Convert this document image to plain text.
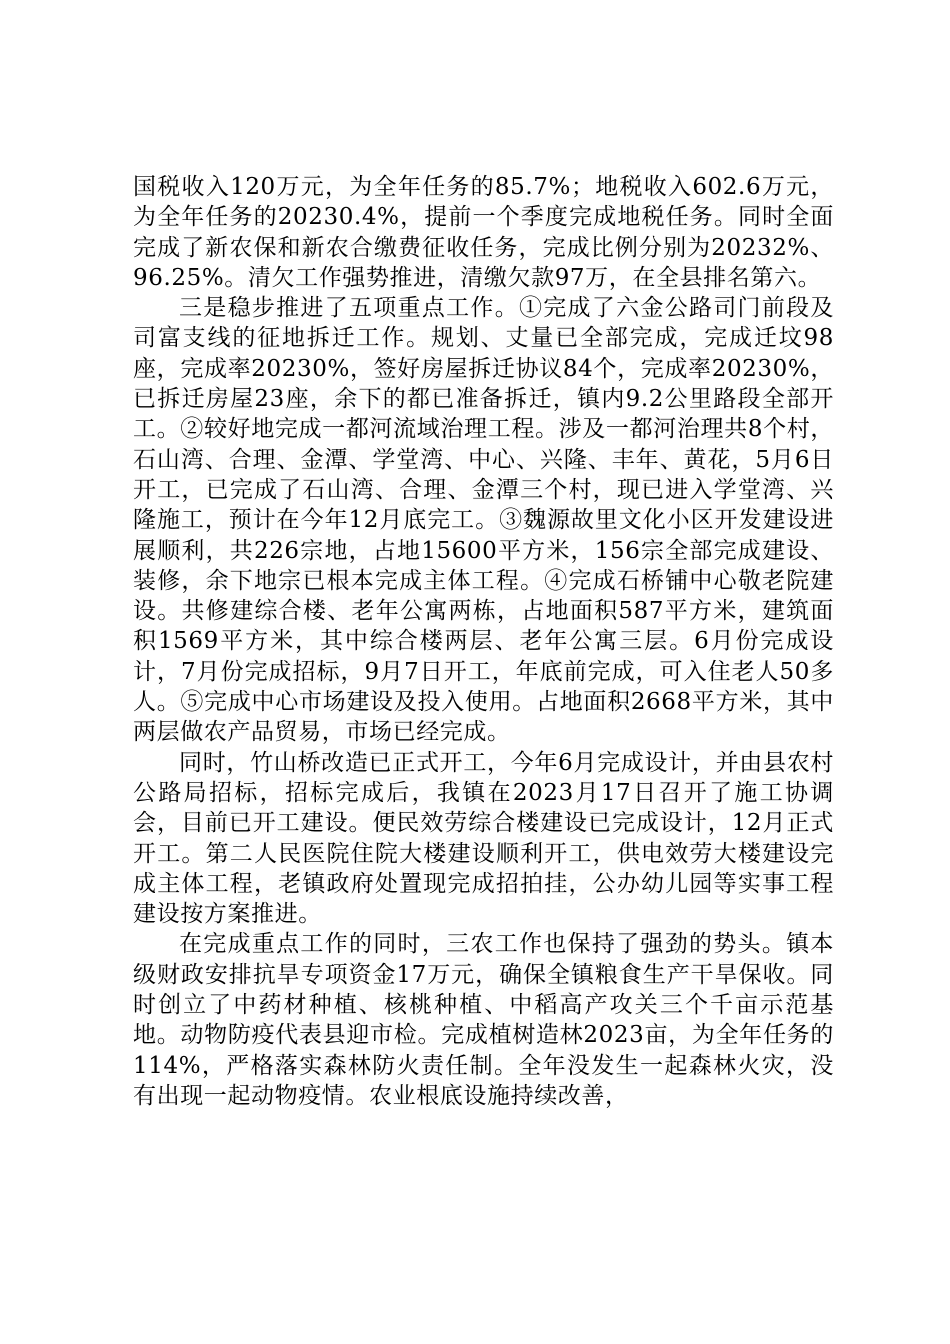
国税收入120万元，为全年任务的85.7%；地税收入602.6万元，为全年任务的20230.4%，提前一个季度完成地税任务。同时全面完成了新农保和新农合缴费征收任务，完成比例分别为20232%、96.25%。清欠工作强势推进，清缴欠款97万，在全县排名第六。

三是稳步推进了五项重点工作。①完成了六金公路司门前段及司富支线的征地拆迁工作。规划、丈量已全部完成，完成迁坟98座，完成率20230%，签好房屋拆迁协议84个，完成率20230%，已拆迁房屋23座，余下的都已准备拆迁，镇内9.2公里路段全部开工。②较好地完成一都河流域治理工程。涉及一都河治理共8个村，石山湾、合理、金潭、学堂湾、中心、兴隆、丰年、黄花，5月6日开工，已完成了石山湾、合理、金潭三个村，现已进入学堂湾、兴隆施工，预计在今年12月底完工。③魏源故里文化小区开发建设进展顺利，共226宗地，占地15600平方米，156宗全部完成建设、装修，余下地宗已根本完成主体工程。④完成石桥铺中心敬老院建设。共修建综合楼、老年公寓两栋，占地面积587平方米，建筑面积1569平方米，其中综合楼两层、老年公寓三层。6月份完成设计，7月份完成招标，9月7日开工，年底前完成，可入住老人50多人。⑤完成中心市场建设及投入使用。占地面积2668平方米，其中两层做农产品贸易，市场已经完成。

同时，竹山桥改造已正式开工，今年6月完成设计，并由县农村公路局招标，招标完成后，我镇在2023月17日召开了施工协调会，目前已开工建设。便民效劳综合楼建设已完成设计，12月正式开工。第二人民医院住院大楼建设顺利开工，供电效劳大楼建设完成主体工程，老镇政府处置现完成招拍挂，公办幼儿园等实事工程建设按方案推进。

在完成重点工作的同时，三农工作也保持了强劲的势头。镇本级财政安排抗旱专项资金17万元，确保全镇粮食生产干旱保收。同时创立了中药材种植、核桃种植、中稻高产攻关三个千亩示范基地。动物防疫代表县迎市检。完成植树造林2023亩，为全年任务的114%，严格落实森林防火责任制。全年没发生一起森林火灾，没有出现一起动物疫情。农业根底设施持续改善，
